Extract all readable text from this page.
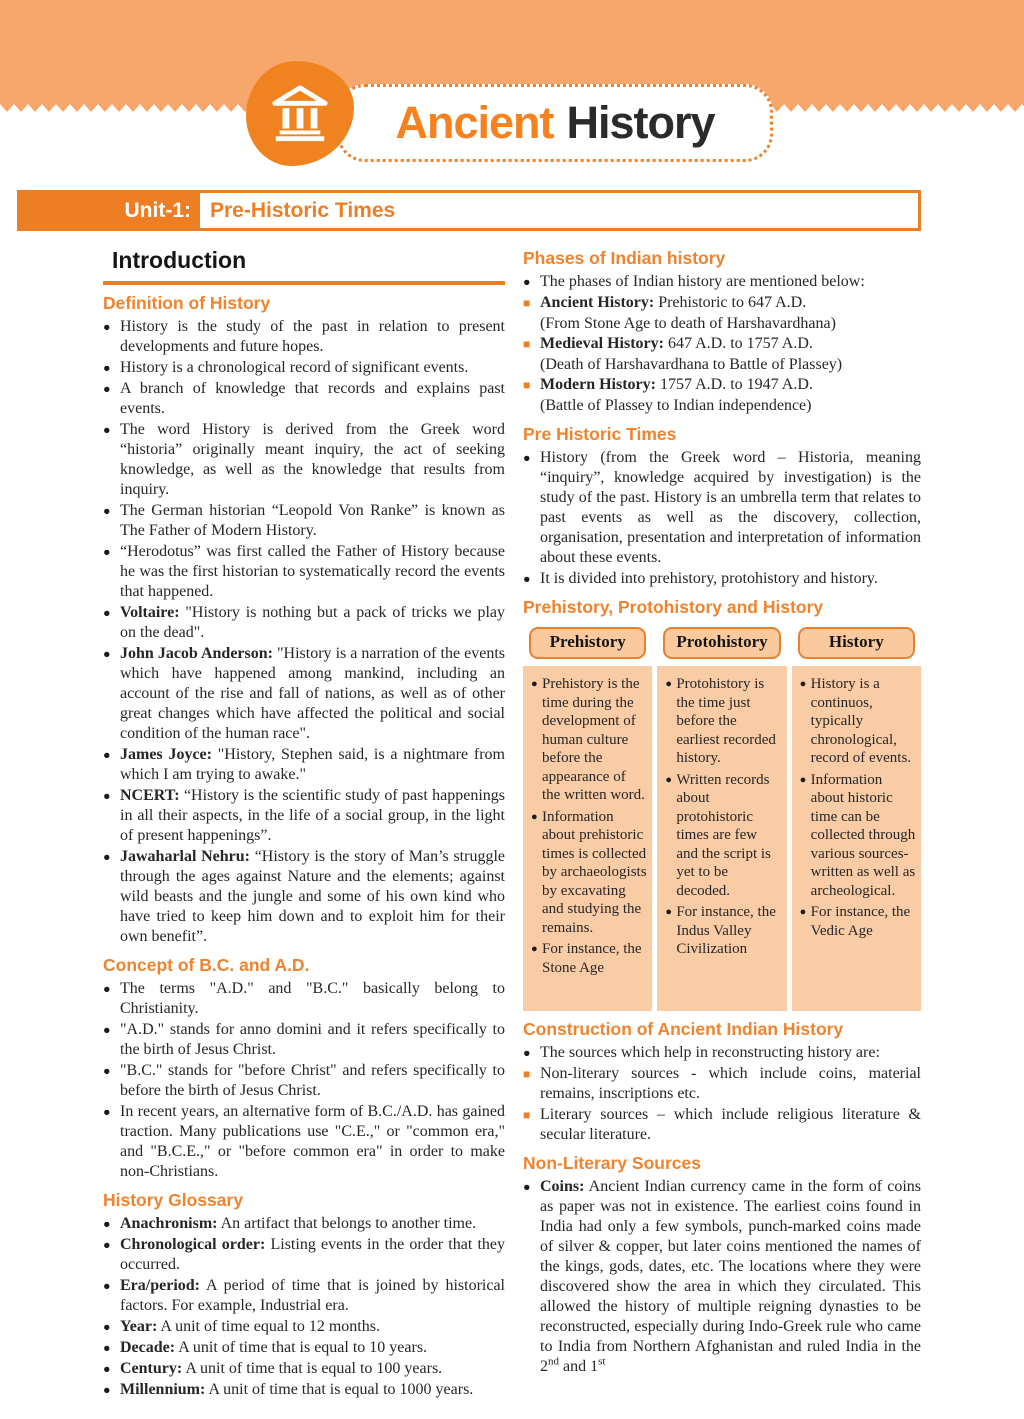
Ancient History
Unit-1: Pre-Historic Times
Introduction
Definition of History
● History is the study of the past in relation to present developments and future hopes.
● History is a chronological record of significant events.
● A branch of knowledge that records and explains past events.
● The word History is derived from the Greek word “historia” originally meant inquiry, the act of seeking knowledge, as well as the knowledge that results from inquiry.
● The German historian “Leopold Von Ranke” is known as The Father of Modern History.
● “Herodotus” was first called the Father of History because he was the first historian to systematically record the events that happened.
● Voltaire: "History is nothing but a pack of tricks we play on the dead".
● John Jacob Anderson: "History is a narration of the events which have happened among mankind, including an account of the rise and fall of nations, as well as of other great changes which have affected the political and social condition of the human race".
● James Joyce: "History, Stephen said, is a nightmare from which I am trying to awake."
● NCERT: “History is the scientific study of past happenings in all their aspects, in the life of a social group, in the light of present happenings”.
● Jawaharlal Nehru: “History is the story of Man’s struggle through the ages against Nature and the elements; against wild beasts and the jungle and some of his own kind who have tried to keep him down and to exploit him for their own benefit”.
Concept of B.C. and A.D.
● The terms "A.D." and "B.C." basically belong to Christianity.
● "A.D." stands for anno domini and it refers specifically to the birth of Jesus Christ.
● "B.C." stands for "before Christ" and refers specifically to before the birth of Jesus Christ.
● In recent years, an alternative form of B.C./A.D. has gained traction. Many publications use "C.E.," or "common era," and "B.C.E.," or "before common era" in order to make non-Christians.
History Glossary
● Anachronism: An artifact that belongs to another time.
● Chronological order: Listing events in the order that they occurred.
● Era/period: A period of time that is joined by historical factors. For example, Industrial era.
● Year: A unit of time equal to 12 months.
● Decade: A unit of time that is equal to 10 years.
● Century: A unit of time that is equal to 100 years.
● Millennium: A unit of time that is equal to 1000 years.
Phases of Indian history
● The phases of Indian history are mentioned below:
■ Ancient History: Prehistoric to 647 A.D.
(From Stone Age to death of Harshavardhana)
■ Medieval History: 647 A.D. to 1757 A.D.
(Death of Harshavardhana to Battle of Plassey)
■ Modern History: 1757 A.D. to 1947 A.D.
(Battle of Plassey to Indian independence)
Pre Historic Times
● History (from the Greek word – Historia, meaning “inquiry”, knowledge acquired by investigation) is the study of the past. History is an umbrella term that relates to past events as well as the discovery, collection, organisation, presentation and interpretation of information about these events.
● It is divided into prehistory, protohistory and history.
Prehistory, Protohistory and History
Prehistory	Protohistory	History
● Prehistory is the time during the development of human culture before the appearance of the written word.
● Information about prehistoric times is collected by archaeologists by excavating and studying the remains.
● For instance, the Stone Age
● Protohistory is the time just before the earliest recorded history.
● Written records about protohistoric times are few and the script is yet to be decoded.
● For instance, the Indus Valley Civilization
● History is a continuos, typically chronological, record of events.
● Information about historic time can be collected through various sources- written as well as archeological.
● For instance, the Vedic Age
Construction of Ancient Indian History
● The sources which help in reconstructing history are:
■ Non-literary sources - which include coins, material remains, inscriptions etc.
■ Literary sources – which include religious literature & secular literature.
Non-Literary Sources
● Coins: Ancient Indian currency came in the form of coins as paper was not in existence. The earliest coins found in India had only a few symbols, punch-marked coins made of silver & copper, but later coins mentioned the names of the kings, gods, dates, etc. The locations where they were discovered show the area in which they circulated. This allowed the history of multiple reigning dynasties to be reconstructed, especially during Indo-Greek rule who came to India from Northern Afghanistan and ruled India in the 2nd and 1st
